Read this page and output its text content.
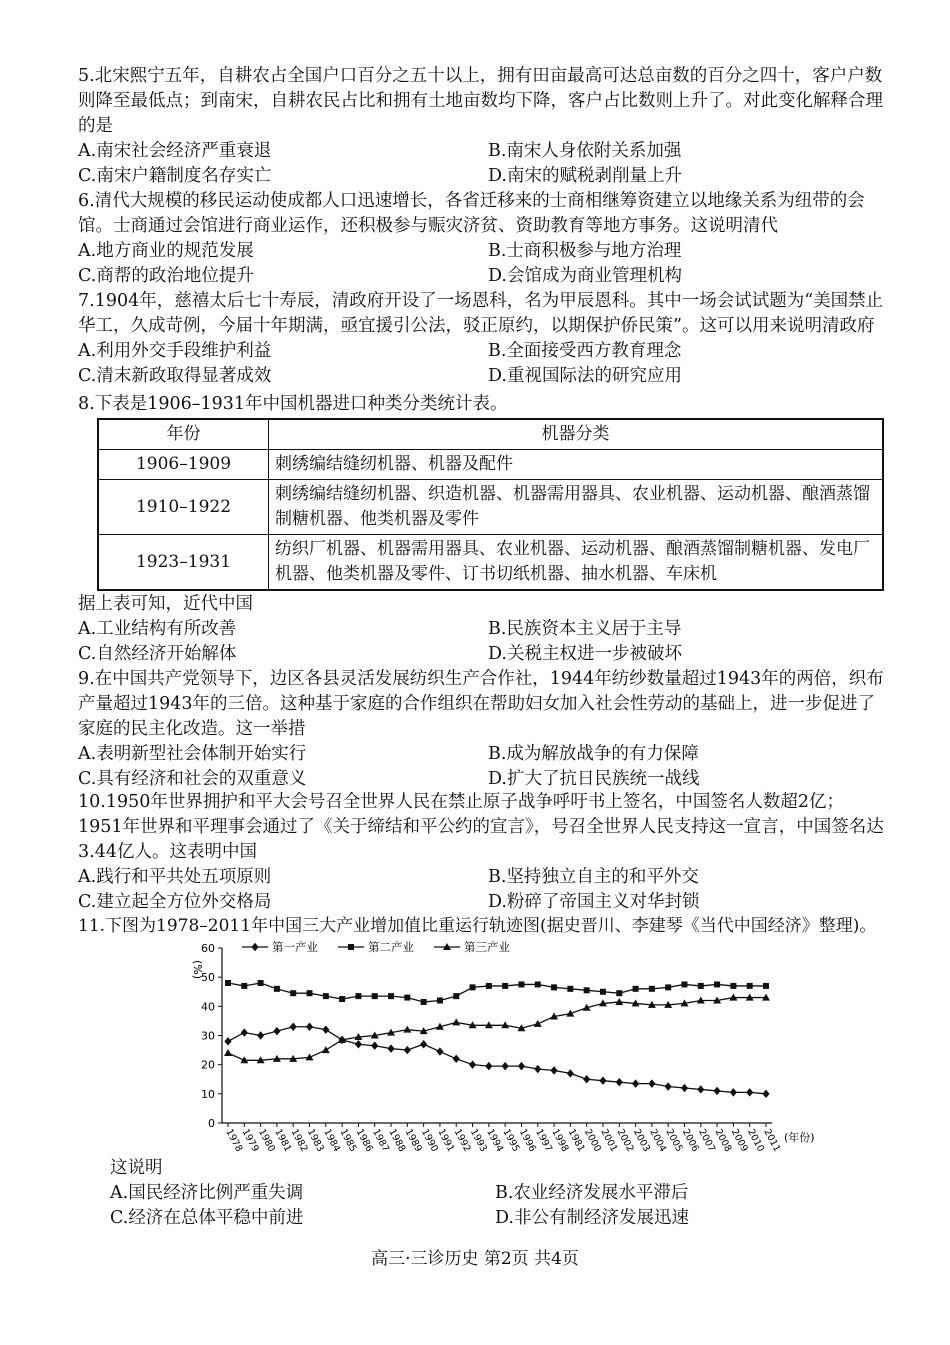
5.北宋熙宁五年，自耕农占全国户口百分之五十以上，拥有田亩最高可达总亩数的百分之四十，客户户数则降至最低点；到南宋，自耕农民占比和拥有土地亩数均下降，客户占比数则上升了。对此变化解释合理的是

A.南宋社会经济严重衰退	B.南宋人身依附关系加强
C.南宋户籍制度名存实亡	D.南宋的赋税剥削量上升

6.清代大规模的移民运动使成都人口迅速增长，各省迁移来的士商相继筹资建立以地缘关系为纽带的会馆。士商通过会馆进行商业运作，还积极参与赈灾济贫、资助教育等地方事务。这说明清代

A.地方商业的规范发展	B.士商积极参与地方治理
C.商帮的政治地位提升	D.会馆成为商业管理机构

7.1904年，慈禧太后七十寿辰，清政府开设了一场恩科，名为甲辰恩科。其中一场会试试题为“美国禁止华工，久成苛例，今届十年期满，亟宜援引公法，驳正原约，以期保护侨民策”。这可以用来说明清政府

A.利用外交手段维护利益	B.全面接受西方教育理念
C.清末新政取得显著成效	D.重视国际法的研究应用

8.下表是1906–1931年中国机器进口种类分类统计表。

年份	机器分类
1906–1909	刺绣编结缝纫机器、机器及配件
1910–1922	刺绣编结缝纫机器、织造机器、机器需用器具、农业机器、运动机器、酿酒蒸馏制糖机器、他类机器及零件
1923–1931	纺织厂机器、机器需用器具、农业机器、运动机器、酿酒蒸馏制糖机器、发电厂机器、他类机器及零件、订书切纸机器、抽水机器、车床机

据上表可知，近代中国

A.工业结构有所改善	B.民族资本主义居于主导
C.自然经济开始解体	D.关税主权进一步被破坏

9.在中国共产党领导下，边区各县灵活发展纺织生产合作社，1944年纺纱数量超过1943年的两倍，织布产量超过1943年的三倍。这种基于家庭的合作组织在帮助妇女加入社会性劳动的基础上，进一步促进了家庭的民主化改造。这一举措

A.表明新型社会体制开始实行	B.成为解放战争的有力保障
C.具有经济和社会的双重意义	D.扩大了抗日民族统一战线

10.1950年世界拥护和平大会号召全世界人民在禁止原子战争呼吁书上签名，中国签名人数超2亿；1951年世界和平理事会通过了《关于缔结和平公约的宣言》，号召全世界人民支持这一宣言，中国签名达3.44亿人。这表明中国

A.践行和平共处五项原则	B.坚持独立自主的和平外交
C.建立起全方位外交格局	D.粉碎了帝国主义对华封锁

11.下图为1978–2011年中国三大产业增加值比重运行轨迹图(据史晋川、李建琴《当代中国经济》整理)。

0
10
20
30
40
50
60
(%)
1978
1979
1980
1981
1982
1983
1984
1985
1986
1987
1988
1989
1990
1991
1992
1993
1994
1995
1996
1997
1998
1981
2000
2001
2002
2003
2004
2005
2006
2007
2008
2009
2010
2011 (年份)
第一产业	第二产业	第三产业

这说明

A.国民经济比例严重失调	B.农业经济发展水平滞后
C.经济在总体平稳中前进	D.非公有制经济发展迅速
高三·三诊历史 第2页 共4页
